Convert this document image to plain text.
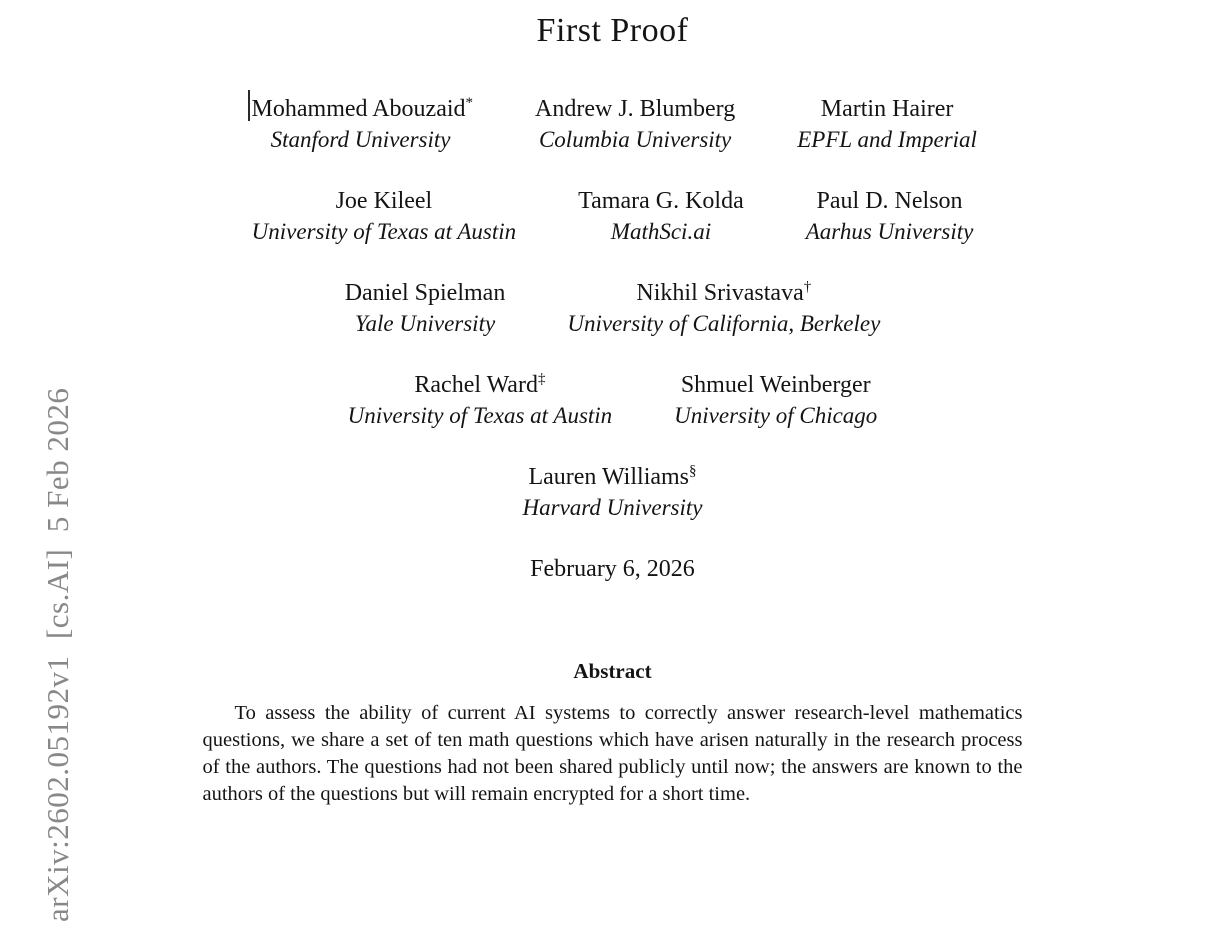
arXiv:2602.05192v1  [cs.AI]  5 Feb 2026
First Proof
Mohammed Abouzaid*
Stanford University
Andrew J. Blumberg
Columbia University
Martin Hairer
EPFL and Imperial
Joe Kileel
University of Texas at Austin
Tamara G. Kolda
MathSci.ai
Paul D. Nelson
Aarhus University
Daniel Spielman
Yale University
Nikhil Srivastava†
University of California, Berkeley
Rachel Ward‡
University of Texas at Austin
Shmuel Weinberger
University of Chicago
Lauren Williams§
Harvard University
February 6, 2026
Abstract
To assess the ability of current AI systems to correctly answer research-level mathematics questions, we share a set of ten math questions which have arisen naturally in the research process of the authors. The questions had not been shared publicly until now; the answers are known to the authors of the questions but will remain encrypted for a short time.
